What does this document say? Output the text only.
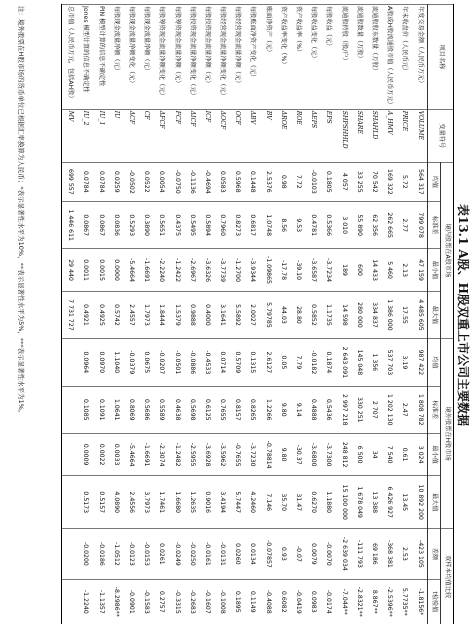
表13.1 A股、H股双重上市公司主要数据
项目名称	变量符号	境内股票在A股市场				境外股票在H股市场				双样本均值比较	
		均值	标准差	最小值	最大值	均值	标准差	最小值	最大值	差额	t检验值
年度交易金额（人民币万元）	VOLUME	564 317	799 078	47 159	4 485 605	987 422	1 808 782	3 024	10 892 200	-423 105	-1.8156*
年末收盘价（人民币元）	PRICE	5.72	2.77	2.13	17.55	3.19	2.47	0.61	13.45	2.53	5.7735**
A股或H股流通股市值（人民币万元）	A_HMV	169 322	262 665	5 460	1 386 000	537 703	1 202 130	7 540	6 426 927	-368 381	-2.5396**
流通股股东数量（万股）	SHAHLD	70 542	62 356	14 433	334 837	1 356	2 707	34	13 388	69 186	8.867**
流通股数量（万股）	SHARE	33 255	55 890	600	280 000	145 048	330 251	6 500	1 678 049	-111 793	-2.8321**
流通股持股（股/户）	SHPSHHLD	4 057	3 010	189	14 598	2 643 091	2 997 218	248 812	15 100 000	-2 639 034	-7.044**
每股收益（元）	EPS	0.1805	0.5366	-3.7234	1.1735	0.1874	0.5436	-3.7300	1.1880	-0.0070	-0.0174
每股收益变化（元）	ΔEPS	-0.0103	0.4781	-3.6587	0.5852	-0.0182	0.4888	-3.6800	0.6270	0.0079	0.0983
资产收益率（%）	ROE	7.72	9.53	-39.10	28.80	7.79	9.14	-30.37	31.47	-0.07	-0.0419
资产收益率变化（%）	ΔROE	0.98	8.56	-17.78	44.03	0.05	9.80	9.80	35.70	0.93	0.6082
账面净资产（元）	BV	2.5376	1.0748	-1.09865	5.79785	2.6127	1.2266	-0.78814	7.146	-0.07857	-0.4088
每股账面净资产变化（元）	ΔBV	0.1448	0.6817	-3.9344	2.0027	0.1315	0.8265	-3.7230	4.2460	0.0134	0.1149
每股经营现金流量净额（元）	OCF	0.5968	0.8273	-1.2700	5.5892	0.5709	0.8157	-0.7655	5.7447	0.0260	0.1895
每股经营现金流量净额变化（元）	ΔOCF	0.0583	0.7960	-3.7739	3.1641	0.0714	0.7655	-3.5962	3.4194	-0.0131	-0.1008
每股投资现金流量净额（元）	ICF	-0.4694	0.5894	-3.6326	0.4000	-0.4533	0.6125	-3.6928	0.9016	-0.0161	-0.1607
每股投资现金流量净额变化（元）	ΔICF	-0.1136	0.5495	-2.6967	0.9888	-0.0886	0.5698	-2.5955	1.2635	-0.0250	-0.2683
每股筹资现金流量净额（元）	FCF	-0.0750	0.4375	-1.2422	1.5379	-0.0501	0.4638	-1.2482	1.6680	-0.0249	-0.3315
每股筹资现金流量净额变化（元）	ΔFCF	0.0054	0.5651	-2.2240	1.8444	-0.0207	0.5589	-2.3074	1.7461	0.0261	0.2757
每股现金流量净额（元）	CF	0.0522	0.3890	-1.6691	1.7973	0.0675	0.5686	-1.6691	3.7973	-0.0153	-0.1583
每股现金流量净额变化（元）	ΔCF	-0.0502	0.5293	-5.4664	2.4557	-0.0379	0.8069	-5.4664	2.4556	-0.0123	-0.0901
每股现金流量净额（元）	IU	0.0259	0.0836	0.0000	0.5742	1.1040	1.0641	0.0033	4.0890	-1.0512	-8.2986**
PIN 模型计算的信息不确定性	IU_1	0.0784	0.0867	0.0015	0.4925	0.0970	0.1091	0.0022	0.5157	-0.0186	-1.1357
Jones 模型计算的信息不确定性	IU_2	0.0784	0.0867	0.0011	0.4921	0.0964	0.1085	0.0009	0.5173	-0.0200	-1.2240
总市值（人民币万元，包括AH股）	MV	699 557	1 446 611	29 440	7 731 727						
注：境外股票在H股市场的货币单位已根据汇率换算为人民币；*表示显著性水平为10%，**表示显著性水平为5%，***表示显著性水平为1%。
